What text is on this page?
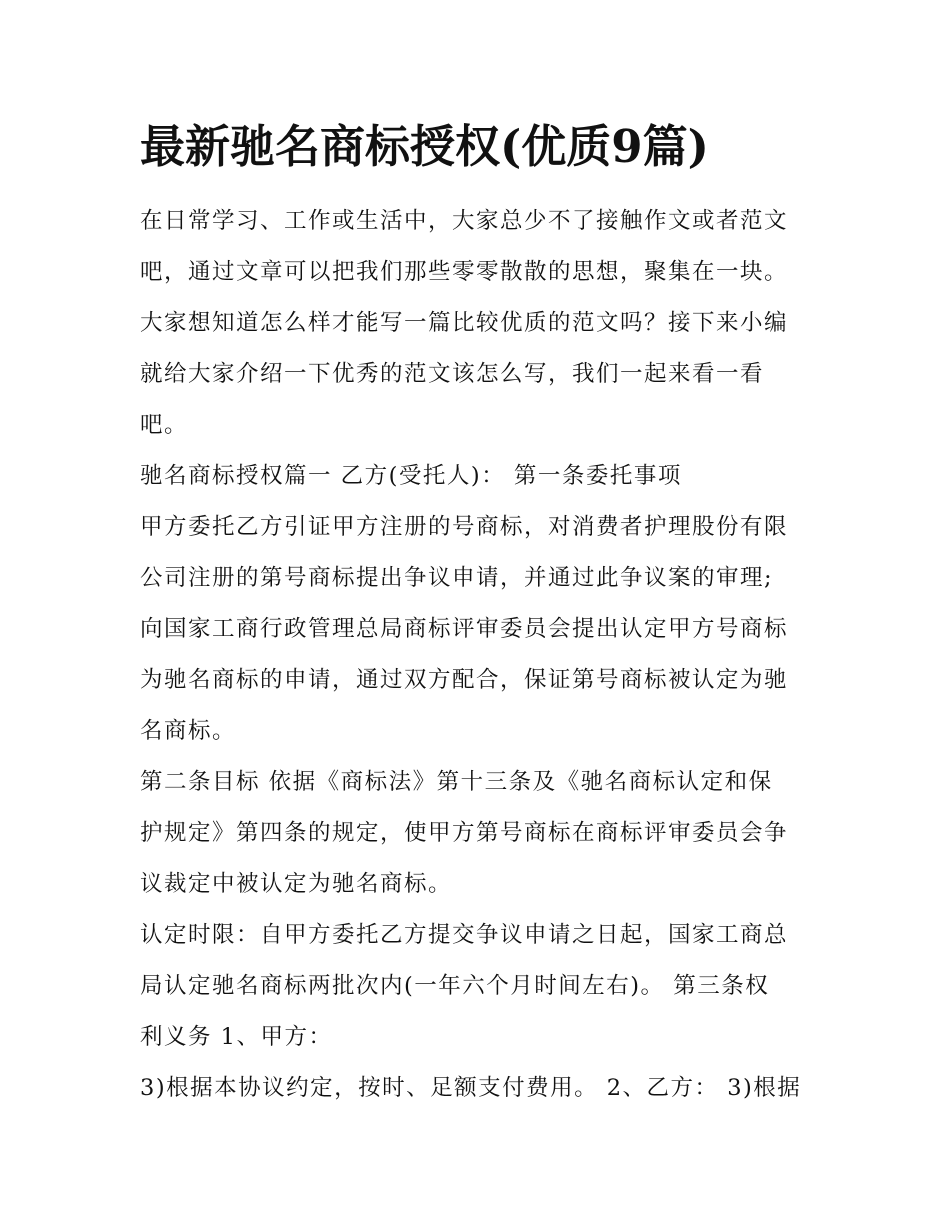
最新驰名商标授权(优质9篇)

在日常学习、工作或生活中，大家总少不了接触作文或者范文

吧，通过文章可以把我们那些零零散散的思想，聚集在一块。

大家想知道怎么样才能写一篇比较优质的范文吗？接下来小编

就给大家介绍一下优秀的范文该怎么写，我们一起来看一看

吧。

驰名商标授权篇一 乙方(受托人)： 第一条委托事项

甲方委托乙方引证甲方注册的号商标，对消费者护理股份有限

公司注册的第号商标提出争议申请，并通过此争议案的审理;

向国家工商行政管理总局商标评审委员会提出认定甲方号商标

为驰名商标的申请，通过双方配合，保证第号商标被认定为驰

名商标。

第二条目标 依据《商标法》第十三条及《驰名商标认定和保

护规定》第四条的规定，使甲方第号商标在商标评审委员会争

议裁定中被认定为驰名商标。

认定时限：自甲方委托乙方提交争议申请之日起，国家工商总

局认定驰名商标两批次内(一年六个月时间左右)。 第三条权

利义务 1、甲方：

3)根据本协议约定，按时、足额支付费用。 2、乙方： 3)根据
